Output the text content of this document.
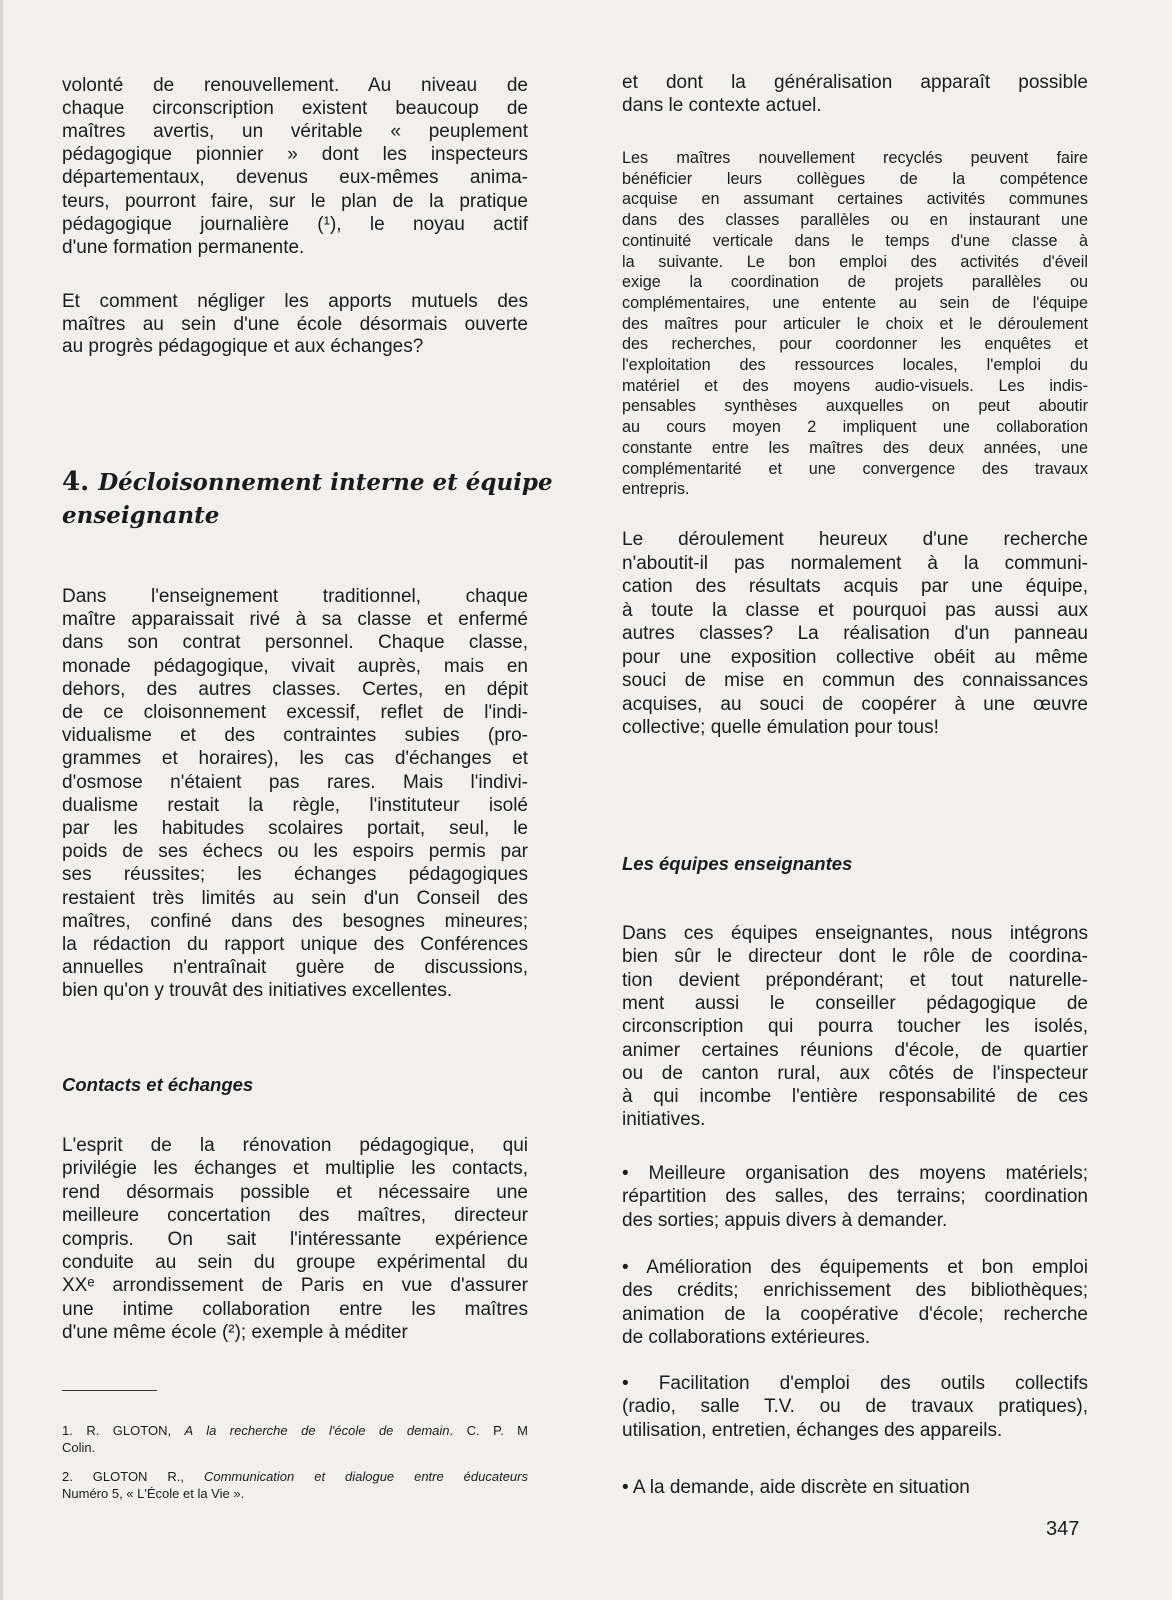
347
volonté de renouvellement. Au niveau de
chaque circonscription existent beaucoup de
maîtres avertis, un véritable « peuplement
pédagogique pionnier » dont les inspecteurs
départementaux, devenus eux-mêmes anima-
teurs, pourront faire, sur le plan de la pratique
pédagogique journalière (¹), le noyau actif
d'une formation permanente.
Et comment négliger les apports mutuels des
maîtres au sein d'une école désormais ouverte
au progrès pédagogique et aux échanges?
4. Décloisonnement interne et équipe
enseignante
Dans l'enseignement traditionnel, chaque
maître apparaissait rivé à sa classe et enfermé
dans son contrat personnel. Chaque classe,
monade pédagogique, vivait auprès, mais en
dehors, des autres classes. Certes, en dépit
de ce cloisonnement excessif, reflet de l'indi-
vidualisme et des contraintes subies (pro-
grammes et horaires), les cas d'échanges et
d'osmose n'étaient pas rares. Mais l'indivi-
dualisme restait la règle, l'instituteur isolé
par les habitudes scolaires portait, seul, le
poids de ses échecs ou les espoirs permis par
ses réussites; les échanges pédagogiques
restaient très limités au sein d'un Conseil des
maîtres, confiné dans des besognes mineures;
la rédaction du rapport unique des Conférences
annuelles n'entraînait guère de discussions,
bien qu'on y trouvât des initiatives excellentes.
Contacts et échanges
L'esprit de la rénovation pédagogique, qui
privilégie les échanges et multiplie les contacts,
rend désormais possible et nécessaire une
meilleure concertation des maîtres, directeur
compris. On sait l'intéressante expérience
conduite au sein du groupe expérimental du
XXᵉ arrondissement de Paris en vue d'assurer
une intime collaboration entre les maîtres
d'une même école (²); exemple à méditer
1. R. GLOTON, A la recherche de l'école de demain. C. P. M
Colin.
2. GLOTON R., Communication et dialogue entre éducateurs
Numéro 5, « L'École et la Vie ».
et dont la généralisation apparaît possible
dans le contexte actuel.
Les maîtres nouvellement recyclés peuvent faire
bénéficier leurs collègues de la compétence
acquise en assumant certaines activités communes
dans des classes parallèles ou en instaurant une
continuité verticale dans le temps d'une classe à
la suivante. Le bon emploi des activités d'éveil
exige la coordination de projets parallèles ou
complémentaires, une entente au sein de l'équipe
des maîtres pour articuler le choix et le déroulement
des recherches, pour coordonner les enquêtes et
l'exploitation des ressources locales, l'emploi du
matériel et des moyens audio-visuels. Les indis-
pensables synthèses auxquelles on peut aboutir
au cours moyen 2 impliquent une collaboration
constante entre les maîtres des deux années, une
complémentarité et une convergence des travaux
entrepris.
Le déroulement heureux d'une recherche
n'aboutit-il pas normalement à la communi-
cation des résultats acquis par une équipe,
à toute la classe et pourquoi pas aussi aux
autres classes? La réalisation d'un panneau
pour une exposition collective obéit au même
souci de mise en commun des connaissances
acquises, au souci de coopérer à une œuvre
collective; quelle émulation pour tous!
Les équipes enseignantes
Dans ces équipes enseignantes, nous intégrons
bien sûr le directeur dont le rôle de coordina-
tion devient prépondérant; et tout naturelle-
ment aussi le conseiller pédagogique de
circonscription qui pourra toucher les isolés,
animer certaines réunions d'école, de quartier
ou de canton rural, aux côtés de l'inspecteur
à qui incombe l'entière responsabilité de ces
initiatives.
• Meilleure organisation des moyens matériels;
répartition des salles, des terrains; coordination
des sorties; appuis divers à demander.
• Amélioration des équipements et bon emploi
des crédits; enrichissement des bibliothèques;
animation de la coopérative d'école; recherche
de collaborations extérieures.
• Facilitation d'emploi des outils collectifs
(radio, salle T.V. ou de travaux pratiques),
utilisation, entretien, échanges des appareils.
• A la demande, aide discrète en situation
